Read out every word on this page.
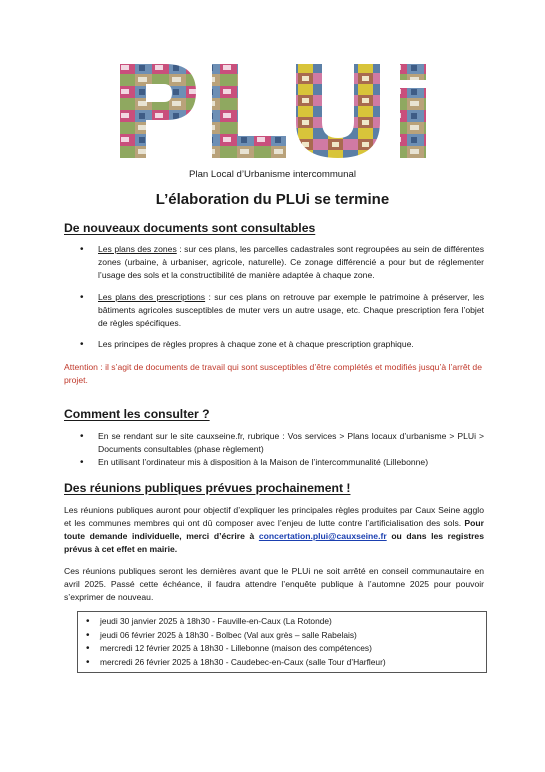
Plan Local d’Urbanisme intercommunal
L’élaboration du PLUi se termine
De nouveaux documents sont consultables
• Les plans des zones : sur ces plans, les parcelles cadastrales sont regroupées au sein de différentes zones (urbaine, à urbaniser, agricole, naturelle). Ce zonage différencié a pour but de réglementer l’usage des sols et la constructibilité de manière adaptée à chaque zone.
• Les plans des prescriptions : sur ces plans on retrouve par exemple le patrimoine à préserver, les bâtiments agricoles susceptibles de muter vers un autre usage, etc. Chaque prescription fera l’objet de règles spécifiques.
• Les principes de règles propres à chaque zone et à chaque prescription graphique.
Attention : il s’agit de documents de travail qui sont susceptibles d’être complétés et modifiés jusqu’à l’arrêt de projet.
Comment les consulter ?
• En se rendant sur le site cauxseine.fr, rubrique : Vos services > Plans locaux d’urbanisme > PLUi > Documents consultables (phase règlement)
• En utilisant l’ordinateur mis à disposition à la Maison de l’intercommunalité (Lillebonne)
Des réunions publiques prévues prochainement !

Les réunions publiques auront pour objectif d’expliquer les principales règles produites par Caux Seine agglo et les communes membres qui ont dû composer avec l’enjeu de lutte contre l’artificialisation des sols. Pour toute demande individuelle, merci d’écrire à concertation.plui@cauxseine.fr ou dans les registres prévus à cet effet en mairie.

Ces réunions publiques seront les dernières avant que le PLUi ne soit arrêté en conseil communautaire en avril 2025. Passé cette échéance, il faudra attendre l’enquête publique à l’automne 2025 pour pouvoir s’exprimer de nouveau.

• jeudi 30 janvier 2025 à 18h30 - Fauville-en-Caux (La Rotonde)
• jeudi 06 février 2025 à 18h30 - Bolbec (Val aux grès – salle Rabelais)
• mercredi 12 février 2025 à 18h30 - Lillebonne (maison des compétences)
• mercredi 26 février 2025 à 18h30 - Caudebec-en-Caux (salle Tour d’Harfleur)
